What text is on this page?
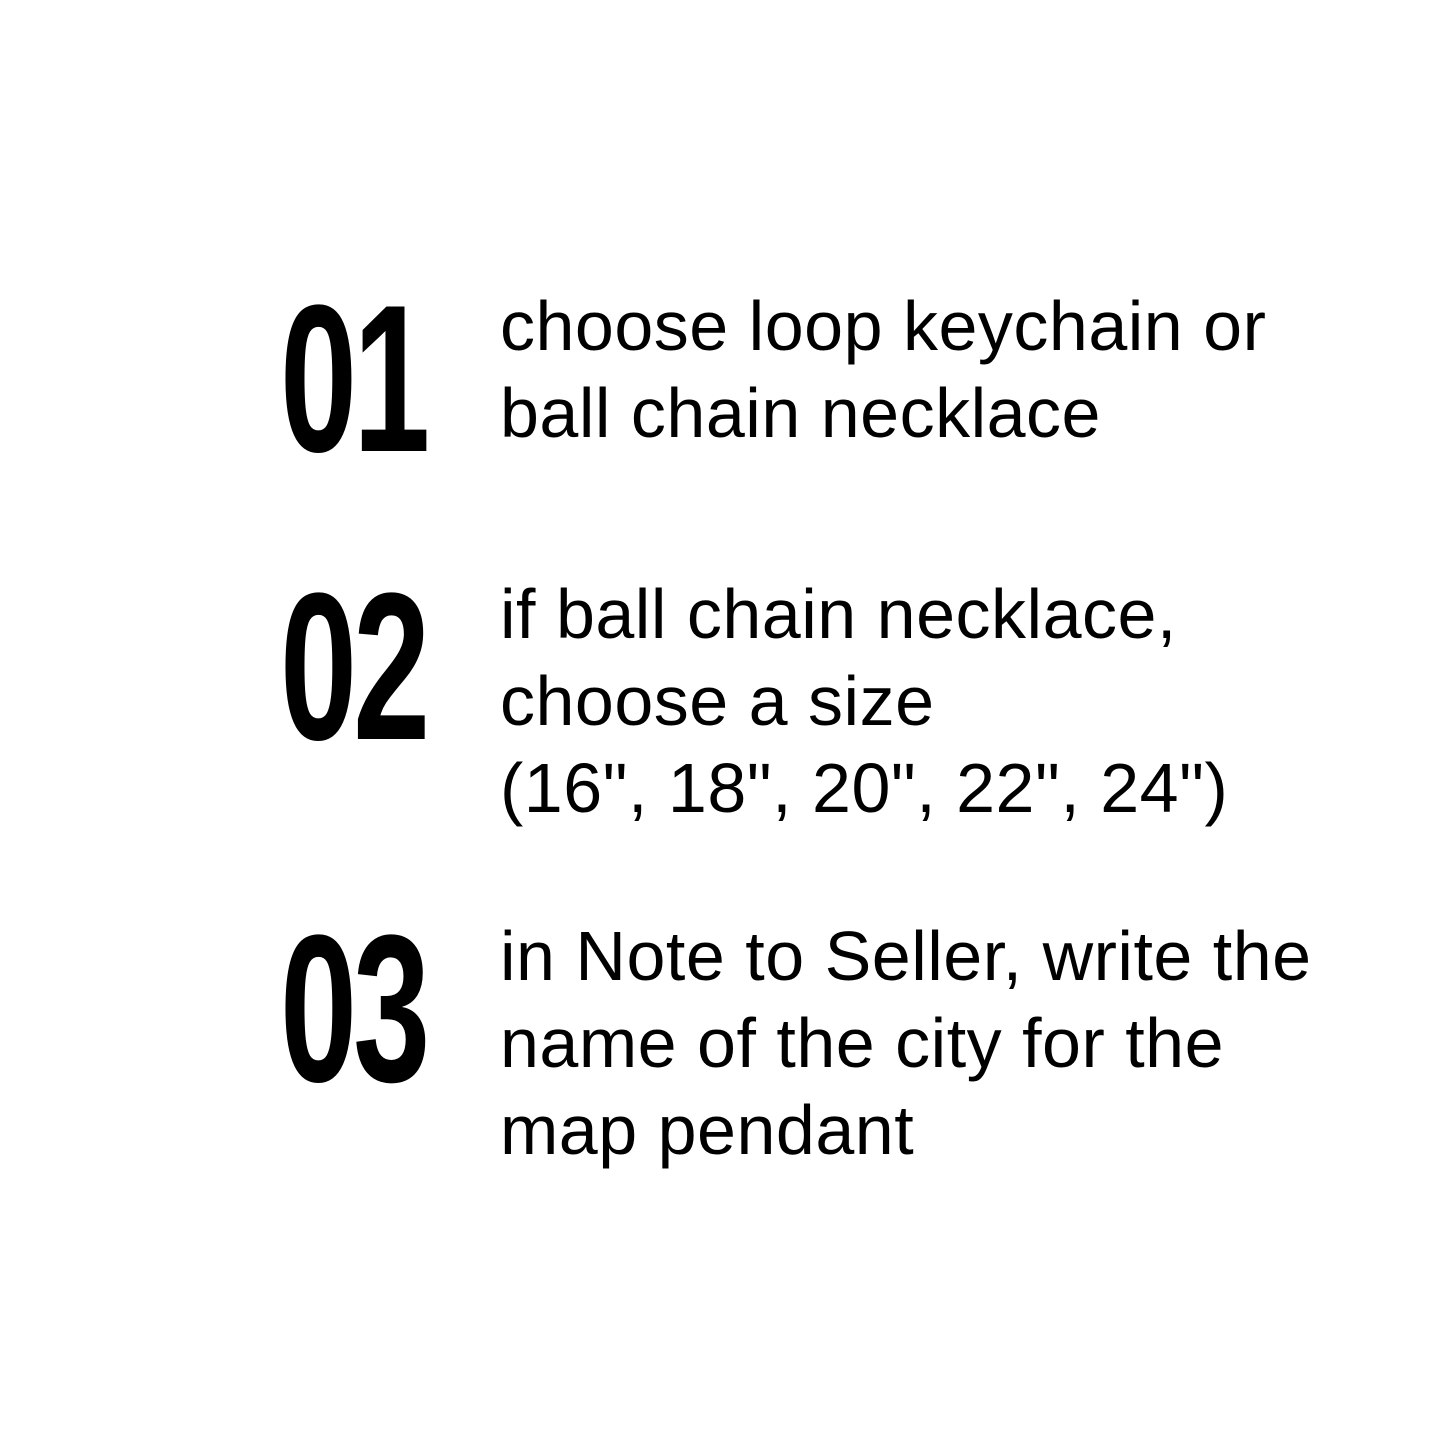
01 choose loop keychain or
ball chain necklace
02 if ball chain necklace,
choose a size
(16", 18", 20", 22", 24")
03 in Note to Seller, write the
name of the city for the
map pendant
